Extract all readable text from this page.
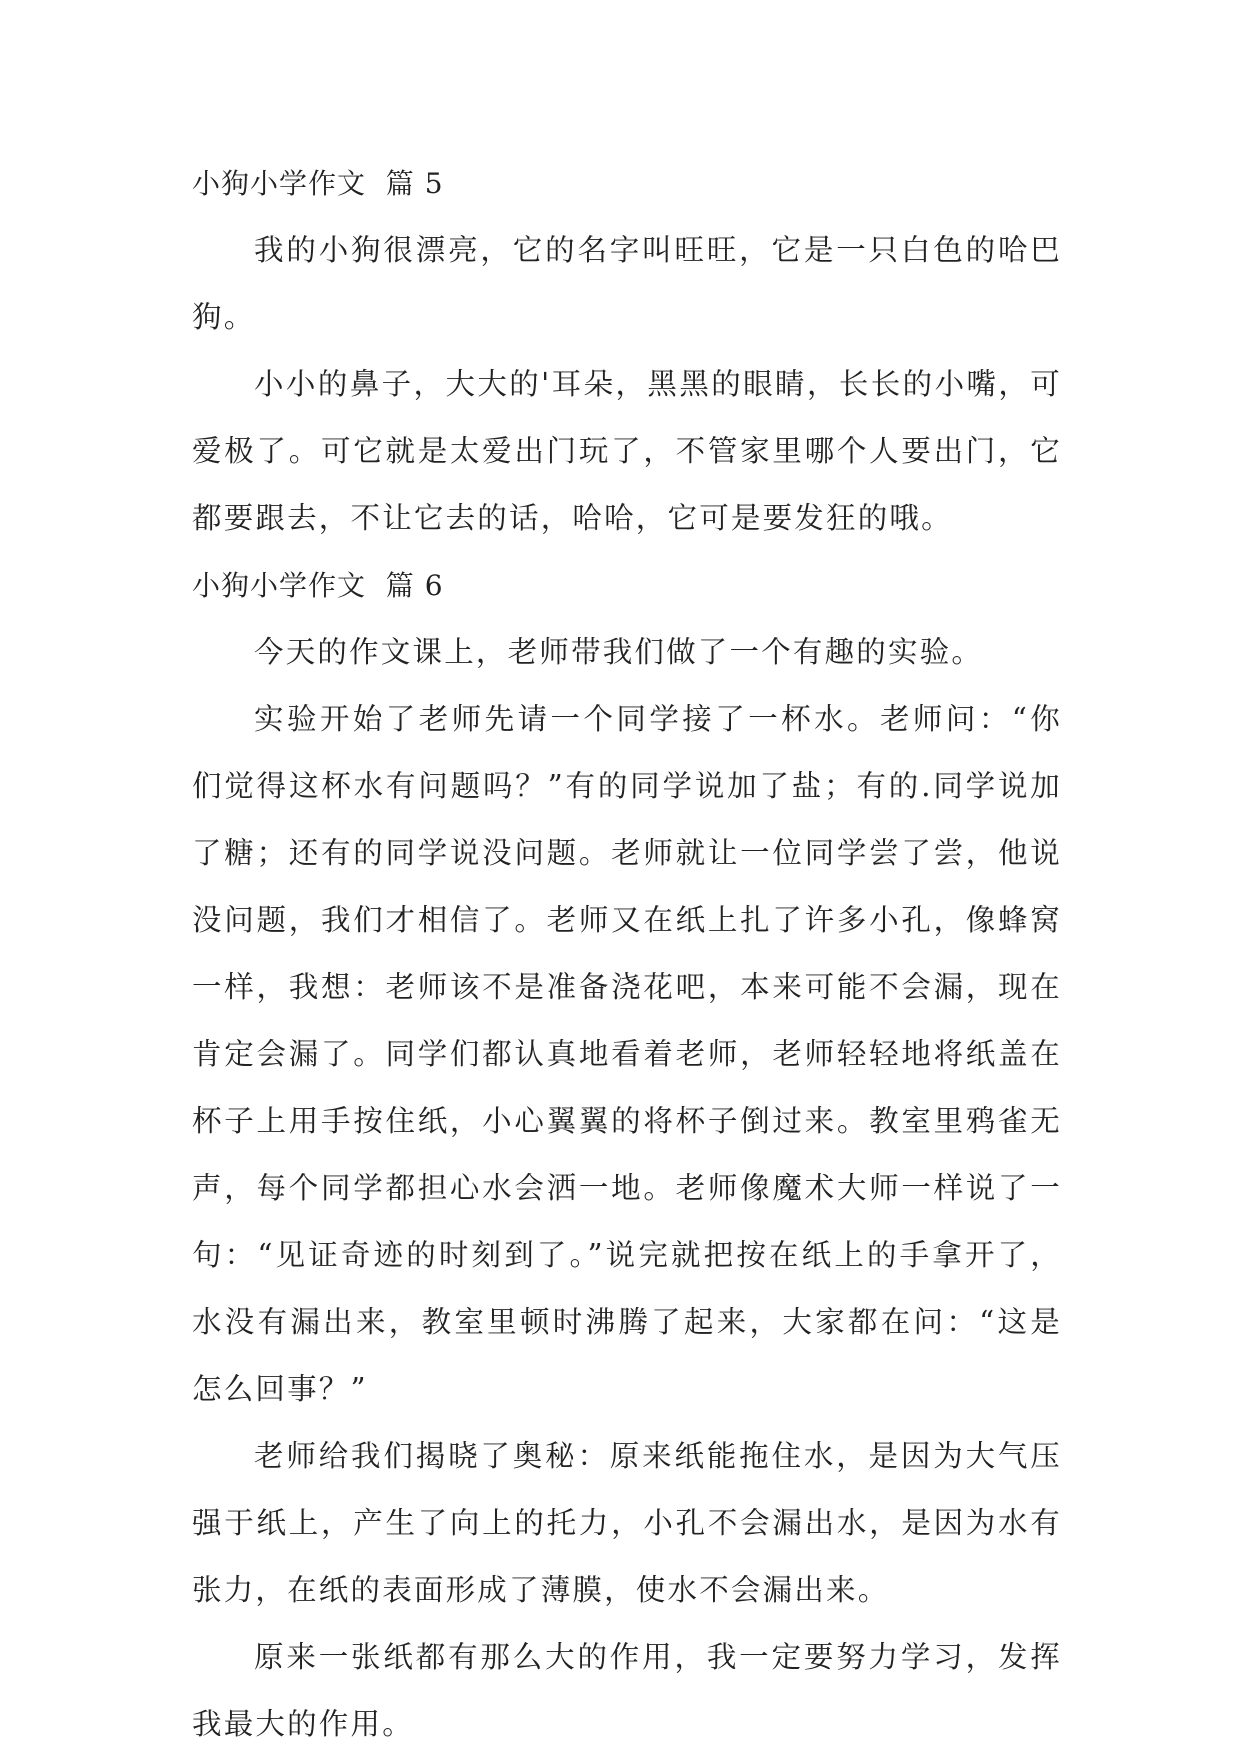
小狗小学作文  篇 5

我的小狗很漂亮，它的名字叫旺旺，它是一只白色的哈巴狗。

小小的鼻子，大大的'耳朵，黑黑的眼睛，长长的小嘴，可爱极了。可它就是太爱出门玩了，不管家里哪个人要出门，它都要跟去，不让它去的话，哈哈，它可是要发狂的哦。

小狗小学作文  篇 6

今天的作文课上，老师带我们做了一个有趣的实验。

实验开始了老师先请一个同学接了一杯水。老师问：“你们觉得这杯水有问题吗？”有的同学说加了盐；有的.同学说加了糖；还有的同学说没问题。老师就让一位同学尝了尝，他说没问题，我们才相信了。老师又在纸上扎了许多小孔，像蜂窝一样，我想：老师该不是准备浇花吧，本来可能不会漏，现在肯定会漏了。同学们都认真地看着老师，老师轻轻地将纸盖在杯子上用手按住纸，小心翼翼的将杯子倒过来。教室里鸦雀无声，每个同学都担心水会洒一地。老师像魔术大师一样说了一句：“见证奇迹的时刻到了。”说完就把按在纸上的手拿开了，水没有漏出来，教室里顿时沸腾了起来，大家都在问：“这是怎么回事？”

老师给我们揭晓了奥秘：原来纸能拖住水，是因为大气压强于纸上，产生了向上的托力，小孔不会漏出水，是因为水有张力，在纸的表面形成了薄膜，使水不会漏出来。

原来一张纸都有那么大的作用，我一定要努力学习，发挥我最大的作用。
